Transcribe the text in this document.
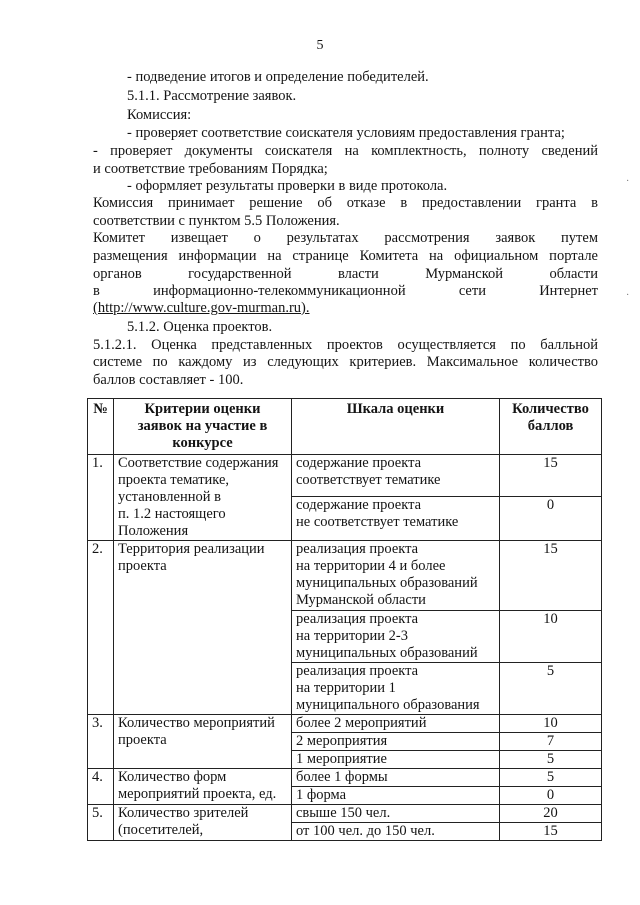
5
- подведение итогов и определение победителей.
5.1.1. Рассмотрение заявок.
Комиссия:
- проверяет соответствие соискателя условиям предоставления гранта;
- проверяет документы соискателя на комплектность, полноту сведений
и соответствие требованиям Порядка;
- оформляет результаты проверки в виде протокола.
Комиссия принимает решение об отказе в предоставлении гранта в
соответствии с пунктом 5.5 Положения.
Комитет извещает о результатах рассмотрения заявок путем
размещения информации на странице Комитета на официальном портале
органов	государственной	власти	Мурманской	области
в	информационно-телекоммуникационной	сети	Интернет
(http://www.culture.gov-murman.ru).
5.1.2. Оценка проектов.
5.1.2.1. Оценка представленных проектов осуществляется по балльной
системе по каждому из следующих критериев. Максимальное количество
баллов составляет - 100.
№	Критерии оценки
заявок на участие в
конкурсе	Шкала оценки	Количество
баллов

1.	Соответствие содержания
проекта тематике,
установленной в
п. 1.2 настоящего
Положения	содержание проекта
соответствует тематике	15

		содержание проекта
не соответствует тематике	0
2.	Территория реализации
проекта	реализация проекта
на территории 4 и более
муниципальных образований
Мурманской области	15

		реализация проекта
на территории 2-3
муниципальных образований	10

		реализация проекта
на территории 1
муниципального образования	5
3.	Количество мероприятий
проекта	более 2 мероприятий	10

		2 мероприятия	7

		1 мероприятие	5
4.	Количество форм
мероприятий проекта, ед.	более 1 формы	5

		1 форма	0
5.	Количество зрителей
(посетителей,	свыше 150 чел.	20

		от 100 чел. до 150 чел.	15
·
·
